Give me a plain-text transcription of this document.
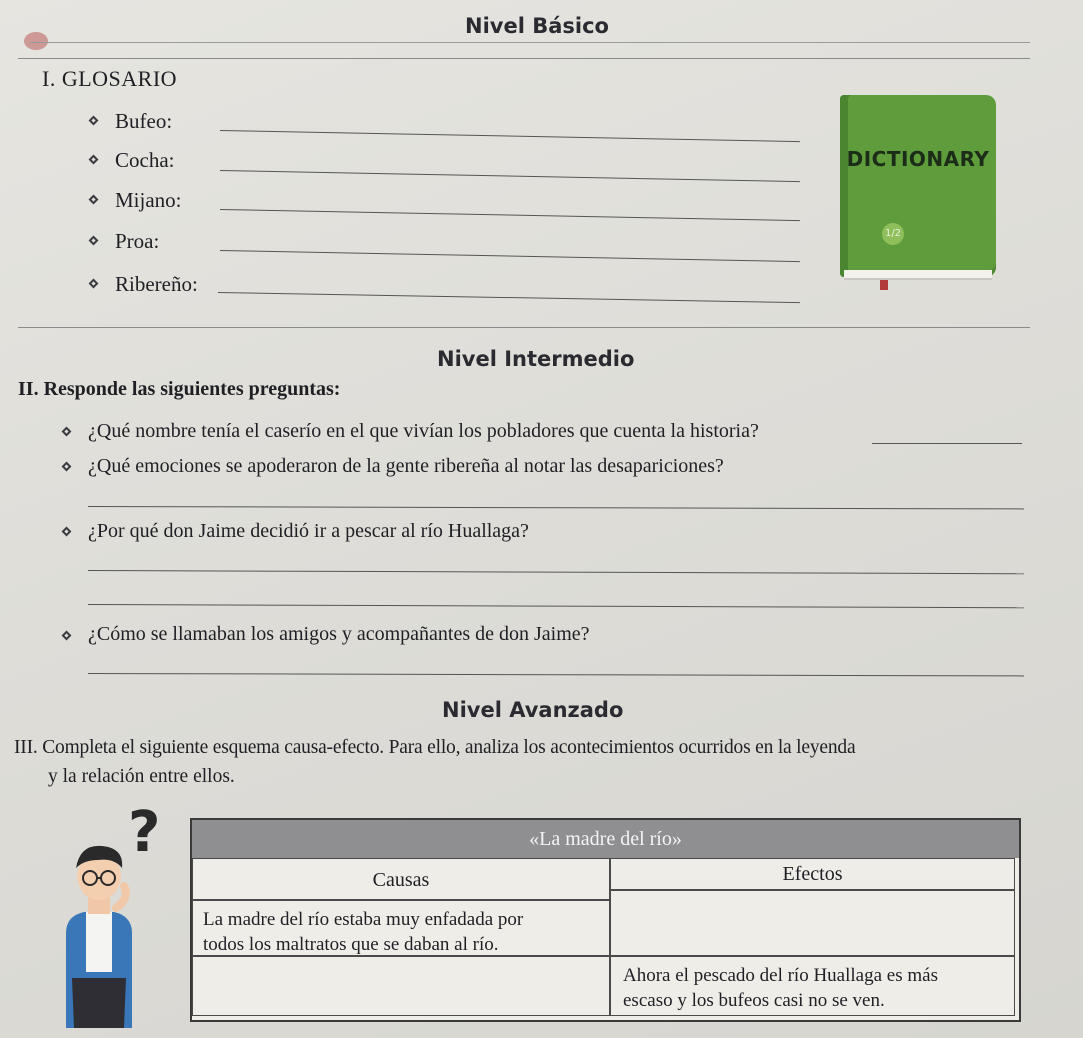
Nivel Básico
I. GLOSARIO
Bufeo:
Cocha:
Mijano:
Proa:
Ribereño:
DICTIONARY
1/2
Nivel Intermedio
II. Responde las siguientes preguntas:
¿Qué nombre tenía el caserío en el que vivían los pobladores que cuenta la historia?
¿Qué emociones se apoderaron de la gente ribereña al notar las desapariciones?
¿Por qué don Jaime decidió ir a pescar al río Huallaga?
¿Cómo se llamaban los amigos y acompañantes de don Jaime?
Nivel Avanzado
III. Completa el siguiente esquema causa-efecto. Para ello, analiza los acontecimientos ocurridos en la leyenda
y la relación entre ellos.
?	«La madre del río»
Causas	Efectos
La madre del río estaba muy enfadada por
todos los maltratos que se daban al río.
Ahora el pescado del río Huallaga es más
escaso y los bufeos casi no se ven.
